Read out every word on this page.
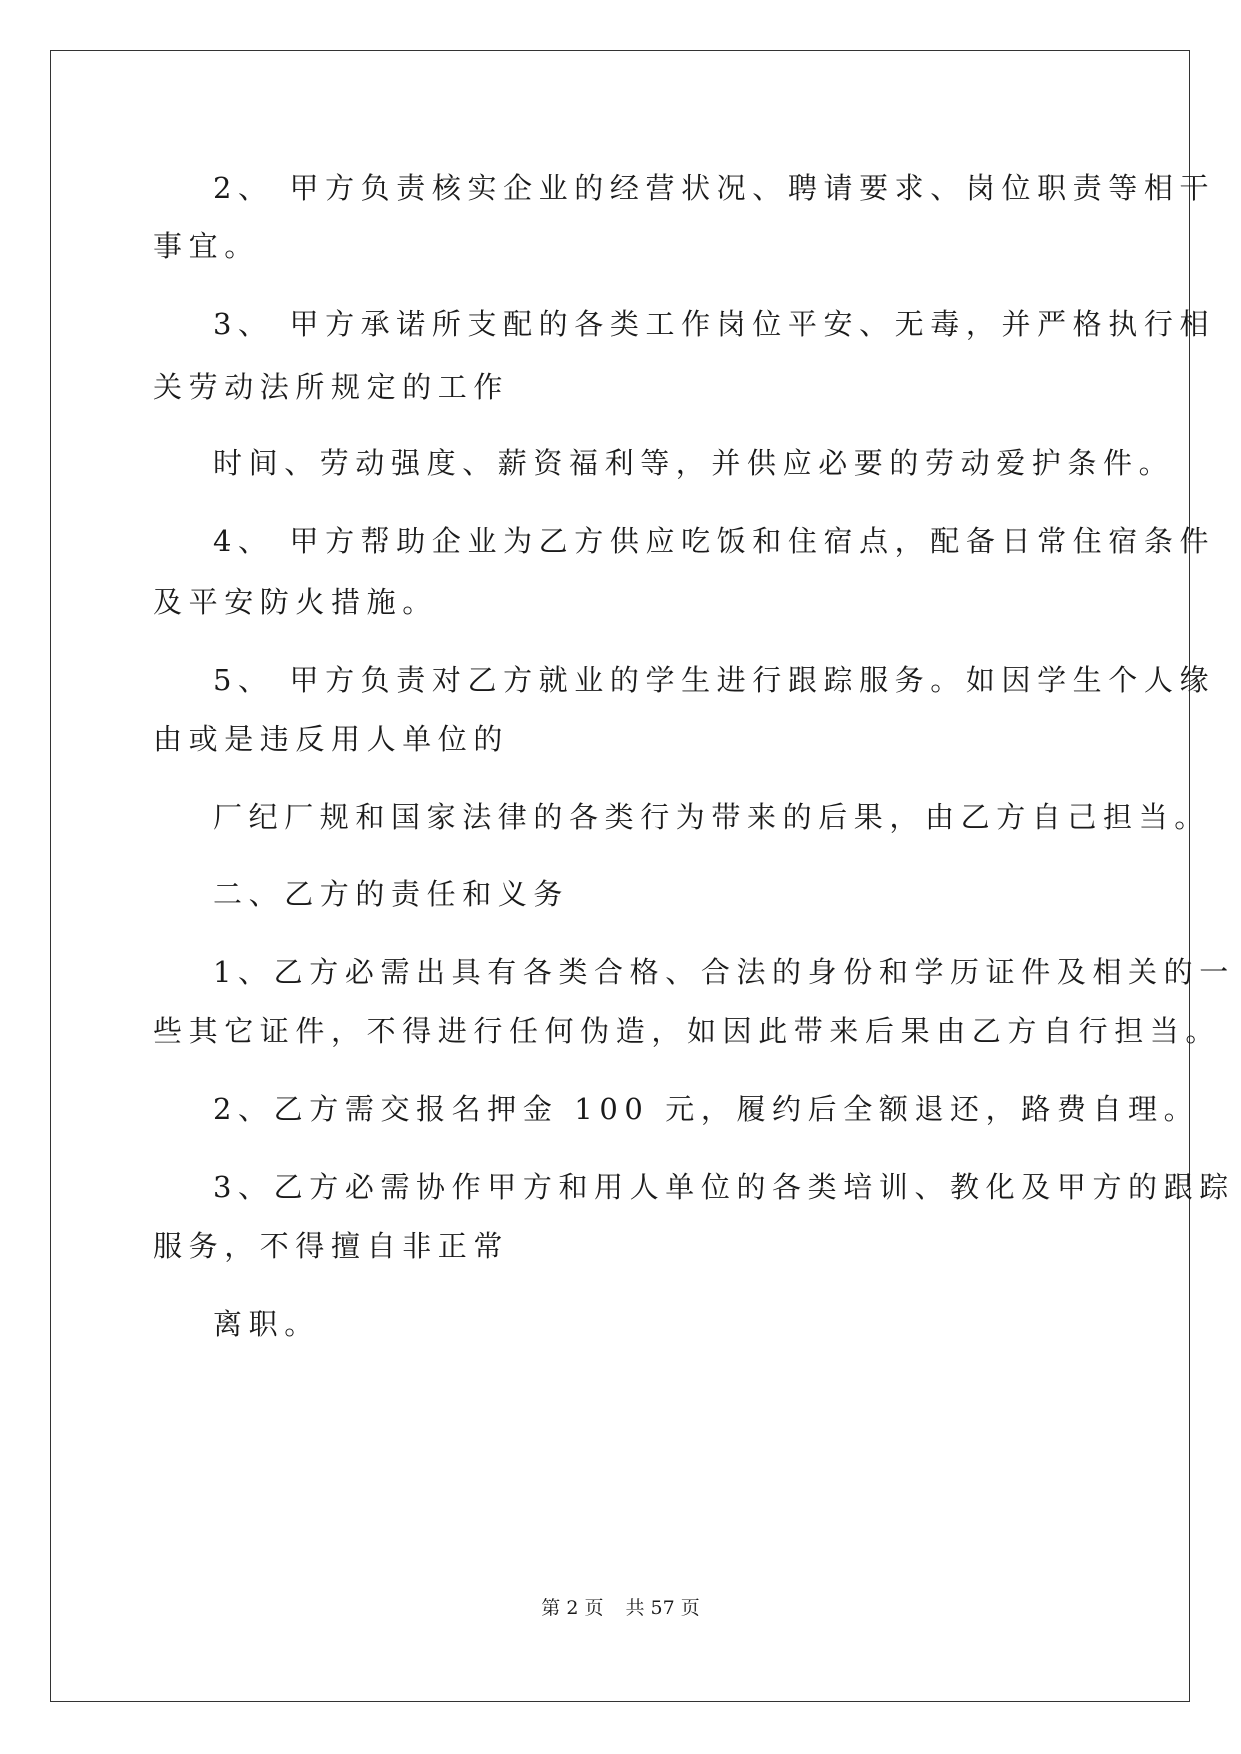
2、 甲方负责核实企业的经营状况、聘请要求、岗位职责等相干
事宜。
3、 甲方承诺所支配的各类工作岗位平安、无毒，并严格执行相
关劳动法所规定的工作
时间、劳动强度、薪资福利等，并供应必要的劳动爱护条件。
4、 甲方帮助企业为乙方供应吃饭和住宿点，配备日常住宿条件
及平安防火措施。
5、 甲方负责对乙方就业的学生进行跟踪服务。如因学生个人缘
由或是违反用人单位的
厂纪厂规和国家法律的各类行为带来的后果，由乙方自己担当。
二、乙方的责任和义务
1、乙方必需出具有各类合格、合法的身份和学历证件及相关的一
些其它证件，不得进行任何伪造，如因此带来后果由乙方自行担当。
2、乙方需交报名押金 100 元，履约后全额退还，路费自理。
3、乙方必需协作甲方和用人单位的各类培训、教化及甲方的跟踪
服务，不得擅自非正常
离职。
第 2 页 共 57 页
